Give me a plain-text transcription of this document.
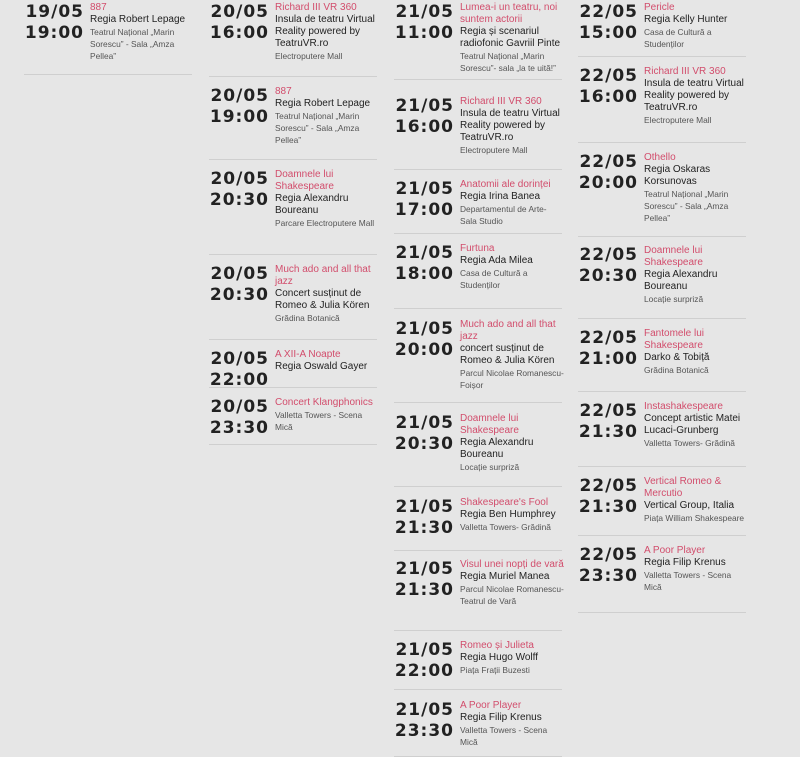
19/05
19:00
887
Regia Robert Lepage
Teatrul Național „Marin Sorescu” - Sala „Amza Pellea”
20/05
16:00
Richard III VR 360
Insula de teatru Virtual Reality powered by TeatruVR.ro
Electroputere Mall
20/05
19:00
887
Regia Robert Lepage
Teatrul Național „Marin Sorescu” - Sala „Amza Pellea”
20/05
20:30
Doamnele lui Shakespeare
Regia Alexandru Boureanu
Parcare Electroputere Mall
20/05
20:30
Much ado and all that jazz
Concert susținut de Romeo & Julia Kören
Grădina Botanică
20/05
22:00
A XII-A Noapte
Regia Oswald Gayer
20/05
23:30
Concert Klangphonics
Valletta Towers - Scena Mică
21/05
11:00
Lumea-i un teatru, noi suntem actorii
Regia și scenariul radiofonic Gavriil Pinte
Teatrul Național „Marin Sorescu”- sala „la te uită!”
21/05
16:00
Richard III VR 360
Insula de teatru Virtual Reality powered by TeatruVR.ro
Electroputere Mall
21/05
17:00
Anatomii ale dorinței
Regia Irina Banea
Departamentul de Arte- Sala Studio
21/05
18:00
Furtuna
Regia Ada Milea
Casa de Cultură a Studenților
21/05
20:00
Much ado and all that jazz
concert susținut de Romeo & Julia Kören
Parcul Nicolae Romanescu- Foișor
21/05
20:30
Doamnele lui Shakespeare
Regia Alexandru Boureanu
Locație surpriză
21/05
21:30
Shakespeare's Fool
Regia Ben Humphrey
Valletta Towers- Grădină
21/05
21:30
Visul unei nopți de vară
Regia Muriel Manea
Parcul Nicolae Romanescu- Teatrul de Vară
21/05
22:00
Romeo și Julieta
Regia Hugo Wolff
Piața Frații Buzesti
21/05
23:30
A Poor Player
Regia Filip Krenus
Valletta Towers - Scena Mică
22/05
15:00
Pericle
Regia Kelly Hunter
Casa de Cultură a Studenților
22/05
16:00
Richard III VR 360
Insula de teatru Virtual Reality powered by TeatruVR.ro
Electroputere Mall
22/05
20:00
Othello
Regia Oskaras Korsunovas
Teatrul Național „Marin Sorescu” - Sala „Amza Pellea”
22/05
20:30
Doamnele lui Shakespeare
Regia Alexandru Boureanu
Locație surpriză
22/05
21:00
Fantomele lui Shakespeare
Darko & Tobiță
Grădina Botanică
22/05
21:30
Instashakespeare
Concept artistic Matei Lucaci-Grunberg
Valletta Towers- Grădină
22/05
21:30
Vertical Romeo & Mercutio
Vertical Group, Italia
Piața William Shakespeare
22/05
23:30
A Poor Player
Regia Filip Krenus
Valletta Towers - Scena Mică
